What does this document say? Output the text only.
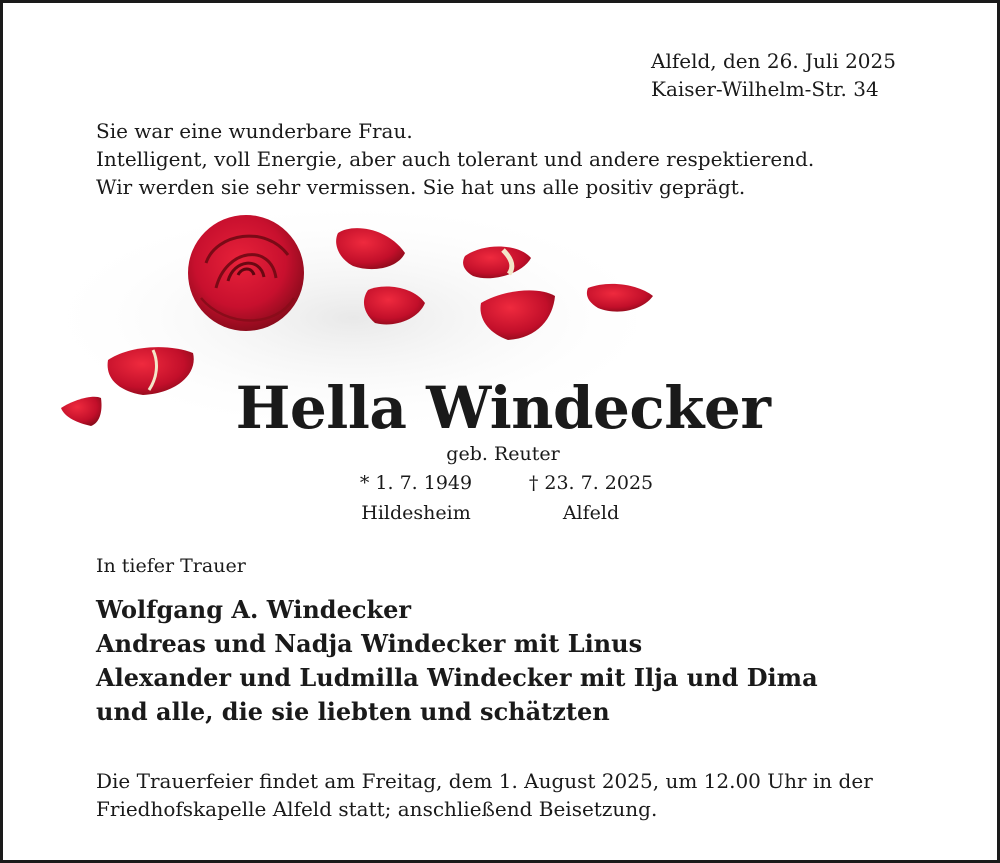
Alfeld, den 26. Juli 2025
Kaiser-Wilhelm-Str. 34
Sie war eine wunderbare Frau.
Intelligent, voll Energie, aber auch tolerant und andere respektierend.
Wir werden sie sehr vermissen. Sie hat uns alle positiv geprägt.
Hella Windecker
geb. Reuter
* 1. 7. 1949	† 23. 7. 2025
Hildesheim	Alfeld
In tiefer Trauer
Wolfgang A. Windecker
Andreas und Nadja Windecker mit Linus
Alexander und Ludmilla Windecker mit Ilja und Dima
und alle, die sie liebten und schätzten
Die Trauerfeier findet am Freitag, dem 1. August 2025, um 12.00 Uhr in der
Friedhofskapelle Alfeld statt; anschließend Beisetzung.
